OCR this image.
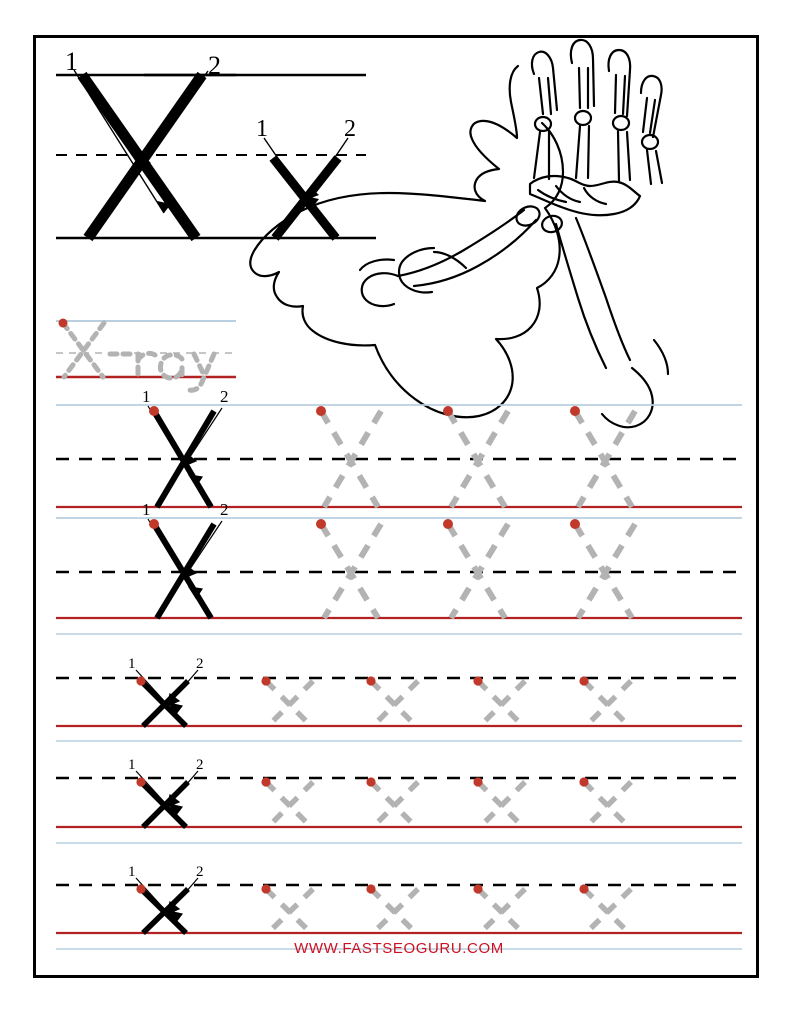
1	2
1	2
1	2
1	2
1	2
1	2
1	2
WWW.FASTSEOGURU.COM
